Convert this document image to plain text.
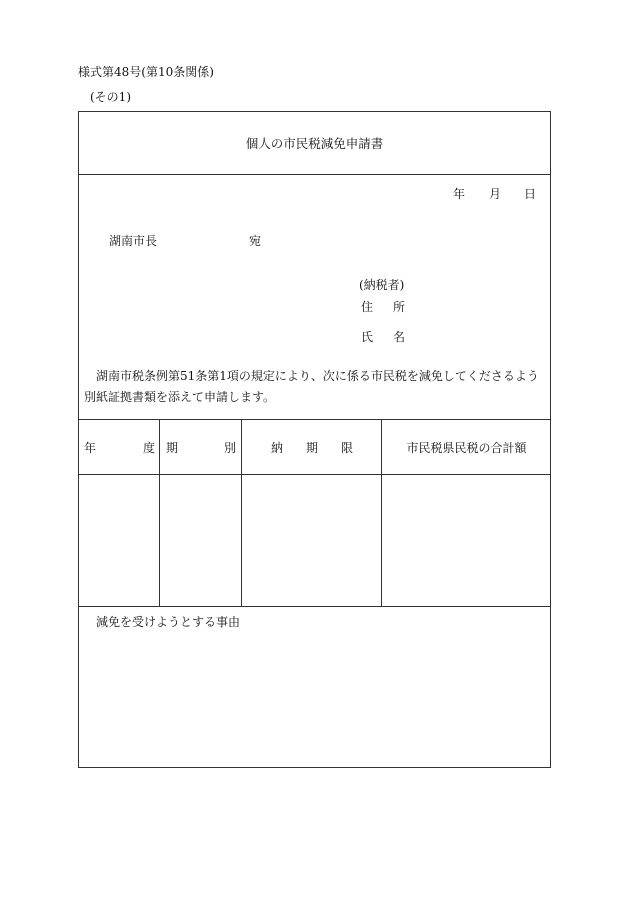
様式第48号(第10条関係)
(その1)
個人の市民税減免申請書
年 月 日
湖南市長	宛
(納税者)
住 所
氏 名
湖南市税条例第51条第1項の規定により、次に係る市民税を減免してくださるよう別紙証拠書類を添えて申請します。
年	度 期	別	納 期 限	市民税県民税の合計額
減免を受けようとする事由
